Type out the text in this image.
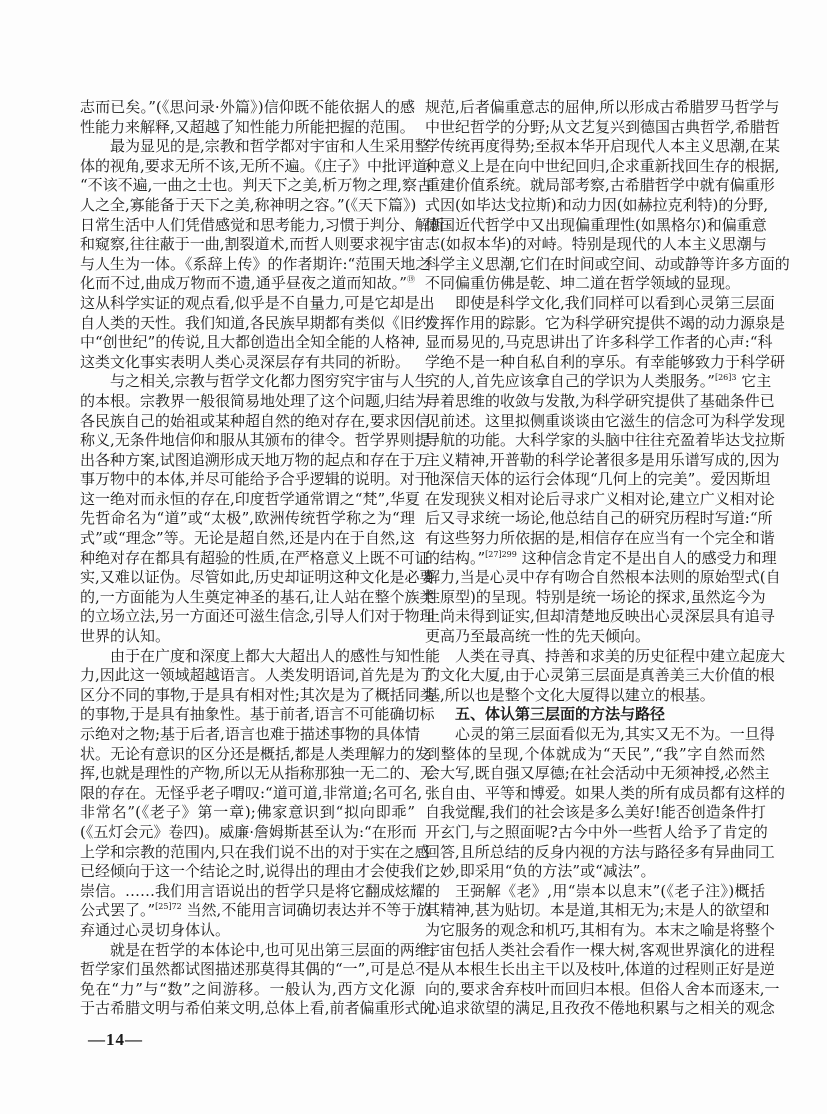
志而已矣。”(《思问录·外篇》)信仰既不能依据人的感
性能力来解释,又超越了知性能力所能把握的范围。
最为显见的是,宗教和哲学都对宇宙和人生采用整
体的视角,要求无所不该,无所不遍。《庄子》中批评道:
“不该不遍,一曲之士也。判天下之美,析万物之理,察古
人之全,寡能备于天下之美,称神明之容。”(《天下篇》)
日常生活中人们凭借感觉和思考能力,习惯于判分、解析
和窥察,往往蔽于一曲,割裂道术,而哲人则要求视宇宙
与人生为一体。《系辞上传》的作者期许:“范围天地之
化而不过,曲成万物而不遗,通乎昼夜之道而知故。”⑲
这从科学实证的观点看,似乎是不自量力,可是它却是出
自人类的天性。我们知道,各民族早期都有类似《旧约》
中“创世纪”的传说,且大都创造出全知全能的人格神,
这类文化事实表明人类心灵深层存有共同的祈盼。
与之相关,宗教与哲学文化都力图穷究宇宙与人生
的本根。宗教界一般很简易地处理了这个问题,归结为
各民族自己的始祖或某种超自然的绝对存在,要求因信
称义,无条件地信仰和服从其颁布的律令。哲学界则提
出各种方案,试图追溯形成天地万物的起点和存在于万
事万物中的本体,并尽可能给予合乎逻辑的说明。对于
这一绝对而永恒的存在,印度哲学通常谓之“梵”,华夏
先哲命名为“道”或“太极”,欧洲传统哲学称之为“理
式”或“理念”等。无论是超自然,还是内在于自然,这
种绝对存在都具有超验的性质,在严格意义上既不可证
实,又难以证伪。尽管如此,历史却证明这种文化是必要
的,一方面能为人生奠定神圣的基石,让人站在整个族类
的立场立法,另一方面还可滋生信念,引导人们对于物理
世界的认知。
由于在广度和深度上都大大超出人的感性与知性能
力,因此这一领域超越语言。人类发明语词,首先是为了
区分不同的事物,于是具有相对性;其次是为了概括同类
的事物,于是具有抽象性。基于前者,语言不可能确切标
示绝对之物;基于后者,语言也难于描述事物的具体情
状。无论有意识的区分还是概括,都是人类理解力的发
挥,也就是理性的产物,所以无从指称那独一无二的、无
限的存在。无怪乎老子喟叹:“道可道,非常道;名可名,
非常名”(《老子》第一章);佛家意识到“拟向即乖”
(《五灯会元》卷四)。威廉·詹姆斯甚至认为:“在形而
上学和宗教的范围内,只在我们说不出的对于实在之感
已经倾向于这一个结论之时,说得出的理由才会使我们
崇信。……我们用言语说出的哲学只是将它翻成炫耀的
公式罢了。”$^{[25]72}$ 当然,不能用言词确切表达并不等于放
弃通过心灵切身体认。
就是在哲学的本体论中,也可见出第三层面的两维。
哲学家们虽然都试图描述那莫得其偶的“一”,可是总不
免在“力”与“数”之间游移。一般认为,西方文化源
于古希腊文明与希伯莱文明,总体上看,前者偏重形式的
规范,后者偏重意志的屈伸,所以形成古希腊罗马哲学与
中世纪哲学的分野;从文艺复兴到德国古典哲学,希腊哲
学传统再度得势;至叔本华开启现代人本主义思潮,在某
种意义上是在向中世纪回归,企求重新找回生存的根据,
重建价值系统。就局部考察,古希腊哲学中就有偏重形
式因(如毕达戈拉斯)和动力因(如赫拉克利特)的分野,
德国近代哲学中又出现偏重理性(如黑格尔)和偏重意
志(如叔本华)的对峙。特别是现代的人本主义思潮与
科学主义思潮,它们在时间或空间、动或静等许多方面的
不同偏重仿佛是乾、坤二道在哲学领域的显现。
即使是科学文化,我们同样可以看到心灵第三层面
发挥作用的踪影。它为科学研究提供不竭的动力源泉是
显而易见的,马克思讲出了许多科学工作者的心声:“科
学绝不是一种自私自利的享乐。有幸能够致力于科学研
究的人,首先应该拿自己的学识为人类服务。”$^{[26]3}$ 它主
导着思维的收敛与发散,为科学研究提供了基础条件已
见前述。这里拟侧重谈谈由它滋生的信念可为科学发现
导航的功能。大科学家的头脑中往往充盈着毕达戈拉斯
主义精神,开普勒的科学论著很多是用乐谱写成的,因为
他深信天体的运行会体现“几何上的完美”。爱因斯坦
在发现狭义相对论后寻求广义相对论,建立广义相对论
后又寻求统一场论,他总结自己的研究历程时写道:“所
有这些努力所依据的是,相信存在应当有一个完全和谐
的结构。”$^{[27]299}$ 这种信念肯定不是出自人的感受力和理
解力,当是心灵中存有吻合自然根本法则的原始型式(自
性原型)的呈现。特别是统一场论的探求,虽然迄今为
止尚未得到证实,但却清楚地反映出心灵深层具有追寻
更高乃至最高统一性的先天倾向。
人类在寻真、持善和求美的历史征程中建立起庞大
的文化大厦,由于心灵第三层面是真善美三大价值的根
基,所以也是整个文化大厦得以建立的根基。
五、体认第三层面的方法与路径
心灵的第三层面看似无为,其实又无不为。一旦得
到整体的呈现,个体就成为“天民”,“我”字自然而然
会大写,既自强又厚德;在社会活动中无须神授,必然主
张自由、平等和博爱。如果人类的所有成员都有这样的
自我觉醒,我们的社会该是多么美好!能否创造条件打
开玄门,与之照面呢?古今中外一些哲人给予了肯定的
回答,且所总结的反身内视的方法与路径多有异曲同工
之妙,即采用“负的方法”或“减法”。
王弼解《老》,用“崇本以息末”(《老子注》)概括
其精神,甚为贴切。本是道,其相无为;末是人的欲望和
为它服务的观念和机巧,其相有为。本末之喻是将整个
宇宙包括人类社会看作一棵大树,客观世界演化的进程
是从本根生长出主干以及枝叶,体道的过程则正好是逆
向的,要求舍弃枝叶而回归本根。但俗人舍本而逐末,一
心追求欲望的满足,且孜孜不倦地积累与之相关的观念
—14—
